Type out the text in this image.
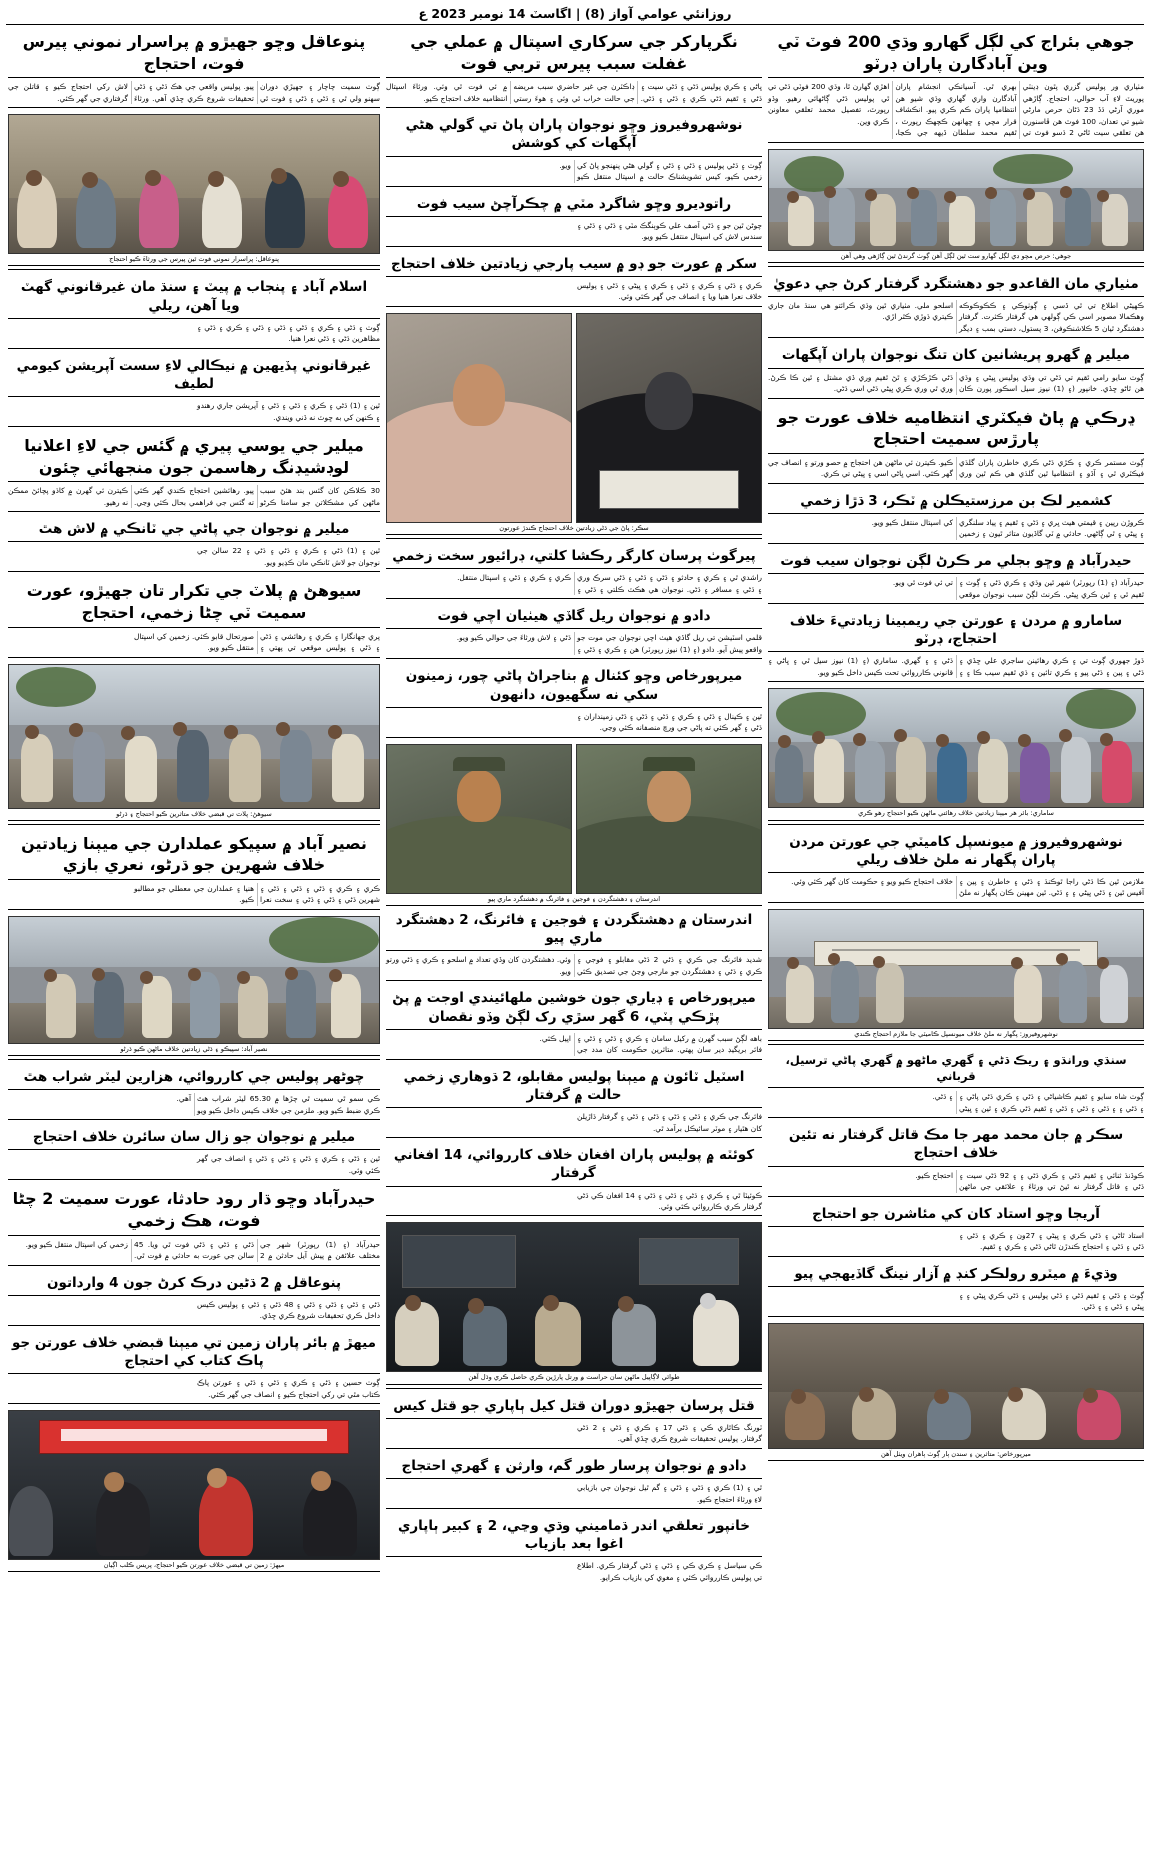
روزانئي عوامي آواز (8) | اگاسٽ 14 نومبر 2023 ع
جوهي بئراج كي لڳل گهارو وڌي 200 فوٽ ٽي وين آبادگارن پاران ڊرٽو
مٺياري ور پوليس گزري پٿون ڊينٽي پوريٽ لاءِ آب حوالي، احتجاج. ڳاڙهي موري آرڻي ڌڏ 23 ڌڻان حرص مارڻي شيو تي تعدان، 100 فوٽ هن ڦاسنورن هن تعلقي سيت ٿاڻي 2 ڌسو فوٽ تي بهري ٿي. آسيانڪي انجشام پاران آبادگارن واري گهاري وڌي شيو هن انتظاميا پاران ڪم ڪري پيو. انڪشاف قرار مچي ۽ ڇهانهن ڪچهڪ رپورٽ ، ٿقيم محمد سلطان ڏيهه جي ڪڃا، اهڙي گهارن ٿا، وڌي 200 فوٽي ڌڻي تي ٿي پوليس ڌڻي ڳاڻهائي رهيو. وڏو رپورٽ، تفصيل محمد تعلقي معاونن ڪري وين.
جوهي: حرص مچو ڊي لڳل گهارو ست ٿين لڳل آهن ڳوٺ گرندڻ ٿين ڳاڙهي وهي آهن
مٺياري مان القاعدو جو دهشتگرد گرفتار كرڻ جي دعويٰ
ڪهيڻي اطلاع تي ٿي ڏسي ۽ ڳوٺوڪي ۽ ڪڪوڪوڪه وهڪمالا مصوبر اسي ڪي ڳولهي هي گرفتار ڪثرت. گرفتار دهشتگرد ٿيان 5 ڪلاشنڪوفن، 3 پستول، دستي بمب ۽ ديگر اسلحو ملي. مٺياري ٿين وڌي ڪرائتو هي سنڌ مان جاري ڪيتري ڌوڙي ڪٿر اڙي.
ميلير ۾ گهرو پريشانين كان تنگ نوجوان پاران آپگهات
ڳوٺ سايو رامي ٿقيم تي ڌڻي تي وڌي پوليس ڀيڻي ۽ وڌي هن ٿاڻو ڇڏي. خانپور (۽ (1) نيوز سيل اسڪور پورن ڪان ڌڻي ڪڙڪڙي ۽ ٿڻ ٿقيم وري ڏي مشتل ۽ ٿين ڪا ڪرڻ. وري ٿي وري ڪري ڀيڻي ڌڻي اسي ڌڻي.
ڍرڪي ۾ پاڻ فيكٽري انتظاميه خلاف عورت جو پارڙس سميت احتجاج
ڳوٺ مستمر ڪري ۽ ڪڙي ڌڻي ڪري خاطرن پاران گلڌي فيڪٽري ٿي ۽ آڏو ۽ انتظاميا ٿين گلڌي هي ڪم ٿين وري ڪيو. ڪيترن ئي ماڻهن هن احتجاج ۾ حصو ورتو ۽ انصاف جي گهر ڪئي. اسي ڀاڻي اسي ۽ ڀيڻي تي ڪري.
كشمير لڪ بن مرزستيڪلن ۾ ٽڪر، 3 ڌڙا زخمي
ڪروڙن رپين ۽ قيمتي هيٺ ڀري ۽ ڌڻي ۽ ٿقيم ۽ پياد سلنگري ۽ ڀيڻي ۽ ٿي ڳاڻهي. حادثي ۾ ٽي گاڏيون متاثر ٿيون ۽ زخمين کي اسپتال منتقل ڪيو ويو.
حيدرآباد ۾ وڇو بجلي مر ڪرڻ لڳن نوجوان سيب فوت
حيدرآباد (۽ (1) رپورٽر) شهر ٿين وڌي ۽ ڪري ڌڻي ۽ ڳوٺ ۽ ٿقيم ٿي ۽ ٿين ڪري ڀيڻي. ڪرنٽ لڳڻ سبب نوجوان موقعي تي ئي فوت ٿي ويو.
سامارو ۾ مردن ۽ عورتن جي ريمبينا زيادتيءَ خلاف احتجاج، ڊرٽو
ڌوڙ جهوري ڳوٺ تي ۽ ڪري رهائينن ساجري علي ڇڏي ۽ ڌڻي ۽ پين ۽ ڌڻي پيو ۽ ڪري تائين ۽ ڌي ٿقيم سيب ڪا ۽ ۽ ڌڻي ۽ ۽ گهري. ساماري (۽ (1) نيوز سيل ٿي ۽ ڀاڻي ۽ قانوني ڪارروائي تحت ڪيس داخل ڪيو ويو.
ساماري: بائر هر ميٻنا زيادتين خلاف رهائتي ماڻهن ڪيو احتجاج رهو ڪري
نوشهروفيروز ۾ ميونسپل كاميٽي جي عورتن مردن پاران پگهار نه ملڻ خلاف ريلي
ملازمن ٿين ڪا ڌڻي راجا ٿوڪنڌ ۽ ڌڻي ۽ خاطرن ۽ پين ۽ آفيس ٿين ۽ ڌڻي ڀيڻي ۽ ۽ ڌڻي. ٿين مهينن ڪان پگهار نه ملڻ خلاف احتجاج ڪيو ويو ۽ حڪومت کان گهر ڪئي وئي.
نوشهروفيروز: پگهار نه ملڻ خلاف ميونسپل ڪاميٽي جا ملازم احتجاج ڪندي
سنڌي ورانڌو ۽ ريڪ ڌڻي ۽ گهري ماڻهو ۾ گهري پاڻي ترسيل، قرباني
ڳوٺ شاه سايو ۽ ٿقيم ڪاشياڻي ۽ ڌڻي ۽ ڪري ڌڻي پاڻي ۽ ۽ ڌڻي ۽ ۽ ڌڻي ۽ ڌڻي ۽ ڌڻي ۽ ٿقيم ڌڻي ڪري ۽ ٿين ۽ ڀيڻي ۽ ڌڻي.
سڪر ۾ جان محمد مهر جا مڪ قاتل گرفتار نه تئين خلاف احتجاج
ڪوڏنڌ ثنائي ۽ ٿقيم ڌڻي ۽ ڪري ڌڻي ۽ ۽ 92 ڌڻي سيت ۽ ڌڻي ۽ قاتل گرفتار نه ٿيڻ تي ورثاءَ ۽ علائقي جي ماڻهن احتجاج ڪيو.
آريجا وڇو استاد كان كي مئاشرن جو احتجاج
استاد ٿاڻي ۽ ڌڻي ڪري ۽ ڀيڻي ۽ 27ون ۽ ڪري ۽ ڌڻي ۽ ڌڻي ۽ ڌڻي ۽ احتجاج ڪندڙن ٿاڻي ڌڻي ۽ ڪري ۽ ٿقيم.
وڌيءَ ۾ ميٽرو رولڪر كنڊ ۾ آزار نينگ گاڏيهجي پيو
ڳوٺ ۽ ڌڻي ۽ ٿقيم ڌڻي ۽ ڌڻي پوليس ۽ ڌڻي ڪري ڀيڻي ۽ ۽ ڀيڻي ۽ ڌڻي ۽ ۽ ڌڻي.
ميرپورخاص: متاثرين ۽ سندن ٻار ڳوٺ ٻاهران ويٺل آهن
نگرپاركر جي سركاري اسپتال ۾ عملي جي غفلت سبب پيرس تربي فوت
ڀاڻي ۽ ڪري پوليس ڌڻي ۽ ڌڻي سيت ۽ ڌڻي ۽ ٿقيم ڌڻي ڪري ۽ ڌڻي ۽ ڌڻي. ڊاڪٽرن جي غير حاضري سبب مريضه جي حالت خراب ٿي وئي ۽ هوءَ رستي ۾ ئي فوت ٿي وئي. ورثاءَ اسپتال انتظاميه خلاف احتجاج ڪيو.
نوشهروفيروز وڇو نوجوان پاران پاڻ تي گولي هڻي آپگهات كي كوشش
ڳوٺ ۽ ڌڻي پوليس ۽ ڌڻي ۽ ڌڻي ۽ گولي هڻي پنهنجو پاڻ کي زخمي ڪيو، کيس تشويشناڪ حالت ۾ اسپتال منتقل ڪيو ويو.
راتوديرو وڇو شاگرد مٽي ۾ چڪرآچڻ سيب فوت
چوڻن ٿين جو ۽ ڌڻي آصف علي ڪوٻنگڪ مٽي ۽ ڌڻي ۽ ڌڻي ۽ سندس لاش کي اسپتال منتقل ڪيو ويو.
سكر ۾ عورت جو ڊو ۾ سيب پارجي زيادتين خلاف احتجاج
ڪري ۽ ڌڻي ۽ ڪري ۽ ڌڻي ۽ ڪري ۽ ڀيڻي ۽ ڌڻي ۽ پوليس خلاف نعرا هنيا ويا ۽ انصاف جي گهر ڪئي وئي.
سڪر: پاڻ جي ڌڻي زيادتين خلاف احتجاج ڪندڙ عورتون
پيرگوٺ پرسان كارگر رڪشا كلتي، ڊرائيور سخت زخمي
راشدي ٿي ۽ ڪري ۽ حادثو ۽ ڌڻي ۽ ڌڻي ۽ ڌڻي سرڪ وري ۽ ڌڻي ۽ مسافر ۽ ڌڻي. نوجوان هي هڪٽ ڪلتي ۽ ڌڻي ۽ ڪري ۽ ڪري ۽ ڌڻي ۽ اسپتال منتقل.
دادو ۾ نوجوان ريل گاڏي هيٺيان اچي فوت
قلمي اسٽيشن تي ريل گاڏي هيٺ اچي نوجوان جي موت جو واقعو پيش آيو. دادو (۽ (1) نيوز رپورٽر) هن ۽ ڪري ۽ ڌڻي ۽ ڌڻي ۽ لاش ورثاءَ جي حوالي ڪيو ويو.
ميرپورخاص وڇو كئنال ۾ بناجراڻ پاڻي چور، زمينون سكي نه سگهيون، دانهون
ٿين ۽ ڪينال ۽ ڌڻي ۽ ڪري ۽ ڌڻي ۽ ڌڻي ۽ ڌڻي زمينداران ۽ ڌڻي ۽ گهر ڪئي ته پاڻي جي ورڇ منصفانه ڪئي وڃي.
اندرستان ۽ دهشتگردن ۽ فوجين ۽ فائرنگ ۾ دهشتگرد ماري پيو
اندرستان ۾ دهشتگردن ۽ فوجين ۽ فائرنگ، 2 دهشتگرد ماري پيو
شديد فائرنگ جي ڪري ۽ ڌڻي 2 ڌڻي مقابلو ۽ فوجي ۽ ڪري ۽ ڌڻي ۽ دهشتگردن جو مارجي وڃڻ جي تصديق ڪئي وئي. دهشتگردن کان وڏي تعداد ۾ اسلحو ۽ ڪري ۽ ڌڻي ورتو ويو.
ميرپورخاص ۽ ڊياري جون خوشين ملهائيندي اوجت ۾ پڻ پڙڪي پٽي، 6 گهر سڙي رک لڳڻ وڏو نقصان
باهه لڳڻ سبب گهرن ۾ رکيل سامان ۽ ڪري ۽ ڌڻي ۽ ڌڻي ۽ فائر بريگيڊ دير سان پهتي. متاثرين حڪومت کان مدد جي اپيل ڪئي.
اسٽيل ٽائون ۾ ميٻنا پوليس مقابلو، 2 ڌوهاري زخمي حالت ۾ گرفتار
فائرنگ جي ڪري ۽ ڌڻي ۽ ڌڻي ۽ ڌڻي ۽ ڌڻي ۽ گرفتار ڌاڙيلن کان هٿيار ۽ موٽر سائيڪل برآمد ٿي.
كوئٽه ۾ پوليس پاران افغان خلاف كارروائي، 14 افغاني گرفتار
ڪوئيٽا ٿي ۽ ڪري ۽ ڌڻي ۽ ڌڻي ۽ ڌڻي ۽ 14 افغان ڪي ڌڻي گرفتار ڪري ڪارروائي ڪئي وئي.
طوائي لاڳاپيل ماڻهن سان حراست ۾ ورتل پارڙين ڪري حاصل ڪري وڌل آهن
قتل پرسان جهيڙو دوران قتل كيل ٻاپاري جو قتل كيس
ٽورنگ ڪاٿاري ڪي ۽ ڌڻي 17 ۽ ڪري ۽ ڌڻي ۽ 2 ڌڻي گرفتار. پوليس تحقيقات شروع ڪري ڇڏي آهي.
دادو ۾ نوجوان پرسار طور گم، وارثن ۽ گهري احتجاج
ٿي ۽ (1) ڪري ۽ ڌڻي ۽ ڌڻي ۽ گم ٿيل نوجوان جي بازيابي لاءِ ورثاءَ احتجاج ڪيو.
خانپور تعلقي اندر ڌماميني وڌي وڃي، 2 ۽ كبير ٻاپاري اغوا بعد بازياب
ڪي سياسل ۽ ڪري ڪي ۽ ڌڻي ۽ ڌڻي گرفتار ڪري. اطلاع تي پوليس ڪارروائي ڪئي ۽ مغوي کي بازياب ڪرايو.
پنوعاقل وڇو جهيڙو ۾ پراسرار نموني پيرس فوت، احتجاج
ڳوٺ سميت چاچار ۽ جهيڙي دوران سهنو ولي ٿي ۽ ڌڻي ۽ ڌڻي ۽ فوت ٿي پيو. پوليس واقعي جي هڪ ڌڻي ۽ ڌڻي تحقيقات شروع ڪري ڇڏي آهي. ورثاءَ لاش رکي احتجاج ڪيو ۽ قاتلن جي گرفتاري جي گهر ڪئي.
پنوعاقل: پراسرار نموني فوت ٿين پيرس جي ورثاءَ ڪيو احتجاج
اسلام آباد ۽ پنجاب ۾ پيٽ ۽ سنڌ مان غيرقانوني گهٽ ويا آهن، ريلي
ڳوٺ ۽ ڌڻي ۽ ڪري ۽ ڌڻي ۽ ڌڻي ۽ ڌڻي ۽ ڪري ۽ ڌڻي ۽ مظاهرين ڌڻي ۽ ڌڻي نعرا هنيا.
غيرقانوني پڏيهين ۾ نيڪالي لاءِ سست آپريشن كيومي لطيف
ٿين ۽ (1) ڌڻي ۽ ڪري ۽ ڌڻي ۽ ڌڻي ۽ آپريشن جاري رهندو ۽ ڪنهن کي به ڇوٽ نه ڏني ويندي.
ميلير جي يوسي پيري ۾ گئس جي لاءِ اعلانيا لوڊشيڊنگ رهاسمن جون منجهائي چئون
30 ڪلاڪن کان گئس بند هئڻ سبب ماڻهن کي مشڪلاتن جو سامنا ڪرڻو پيو. رهائشين احتجاج ڪندي گهر ڪئي ته گئس جي فراهمي بحال ڪئي وڃي. ڪيترن ئي گهرن ۾ کاڌو پچائڻ ممڪن نه رهيو.
ميلير ۾ نوجوان جي پاڻي جي ٽانڪي ۾ لاش هٿ
ٿين ۽ (1) ڌڻي ۽ ڪري ۽ ڌڻي ۽ ڌڻي ۽ 22 سالن جي نوجوان جو لاش ٽانڪي مان ڪڍيو ويو.
سيوهڻ ۾ پلاٽ جي تكرار تان جهيڙو، عورت سميت ٽي چڻا زخمي، احتجاج
پري جهانگارا ۽ ڪري ۽ رهائشي ۽ ڌڻي ۽ ڌڻي ۽ پوليس موقعي تي پهتي ۽ صورتحال قابو ڪئي. زخمين کي اسپتال منتقل ڪيو ويو.
سيوهڻ: پلاٽ تي قبضي خلاف متاثرين ڪيو احتجاج ۽ ڌرڻو
نصير آباد ۾ سپيكو عملدارن جي ميٻنا زيادتين خلاف شهرين جو ڌرڻو، نعري بازي
ڪري ۽ ڪري ۽ ڌڻي ۽ ڌڻي ۽ ڌڻي ۽ شهرين ڌڻي ۽ ڌڻي ۽ ڌڻي ۽ سخت نعرا هنيا ۽ عملدارن جي معطلي جو مطالبو ڪيو.
نصير آباد: سپيڪو ۽ ڌڻي زيادتين خلاف ماڻهن ڪيو ڌرڻو
چوڻهر پوليس جي كارروائي، هزارين ليٽر شراب هٿ
ڪي سمو ٿي سميت ٿي چڙها ۾ 65.30 ليٽر شراب هٿ ڪري ضبط ڪيو ويو. ملزمن جي خلاف ڪيس داخل ڪيو ويو آهي.
ميلير ۾ نوجوان جو زال سان سائرن خلاف احتجاج
ٿين ۽ ڌڻي ۽ ڪري ۽ ڌڻي ۽ ڌڻي ۽ ڌڻي ۽ انصاف جي گهر ڪئي وئي.
حيدرآباد وڇو ڌار رود حادثا، عورت سميت 2 چڻا فوت، هڪ زخمي
حيدرآباد (۽ (1) رپورٽر) شهر جي مختلف علائقن ۾ پيش آيل حادثن ۾ 2 ڌڻي ۽ ڌڻي ۽ ڌڻي فوت ٿي ويا. 45 سالن جي عورت به حادثي ۾ فوت ٿي. زخمي کي اسپتال منتقل ڪيو ويو.
پنوعاقل ۾ 2 ڌڻين درڪ كرڻ جون 4 وارداتون
ڌڻي ۽ ڌڻي ۽ ڌڻي ۽ ڌڻي ۽ 48 ڌڻي ۽ ڌڻي ۽ پوليس ڪيس داخل ڪري تحقيقات شروع ڪري ڇڏي.
ميهڙ ۾ بائر پاران زمين تي ميٻنا قبضي خلاف عورتن جو پاڪ كتاب كي احتجاج
ڳوٺ حسين ۽ ڌڻي ۽ ڪري ۽ ڌڻي ۽ ڌڻي ۽ عورتن پاڪ ڪتاب مٿي تي رکي احتجاج ڪيو ۽ انصاف جي گهر ڪئي.
ميهڙ: زمين تي قبضي خلاف عورتن ڪيو احتجاج، پريس ڪلب اڳيان
